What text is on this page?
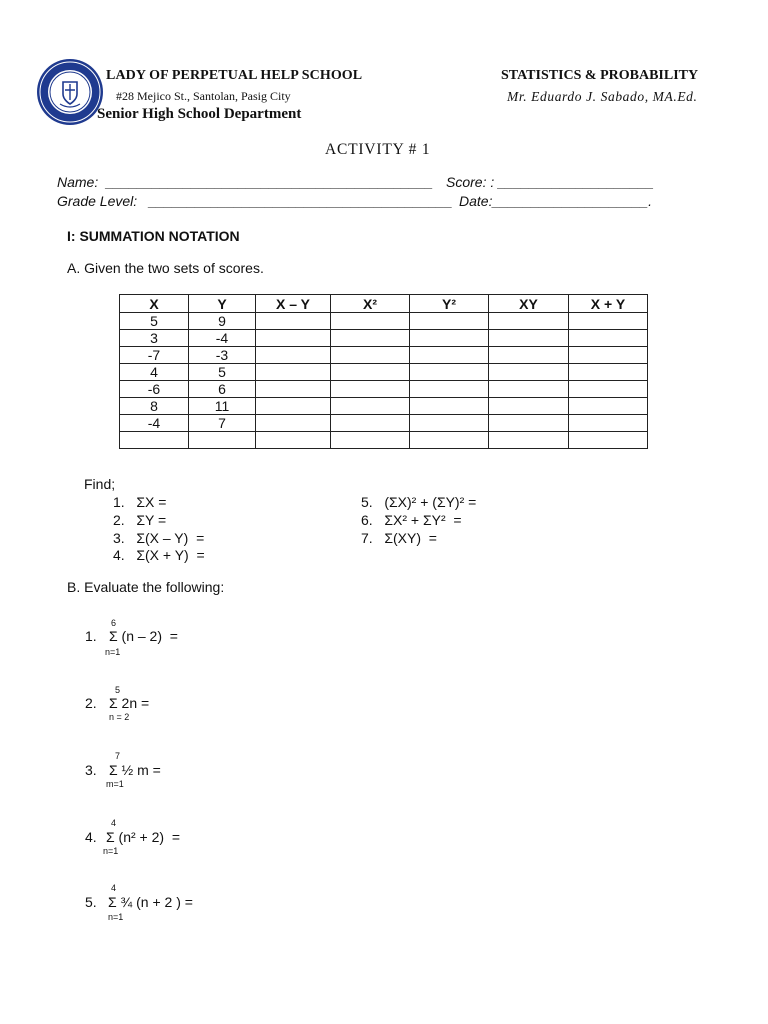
LADY OF PERPETUAL HELP SCHOOL
#28 Mejico St., Santolan, Pasig City
Senior High School Department
STATISTICS & PROBABILITY
Mr. Eduardo J. Sabado, MA.Ed.
ACTIVITY # 1
Name:  __________________________________________ Score: : ____________________
Grade Level:   _______________________________________ Date:____________________.
I: SUMMATION NOTATION
A. Given the two sets of scores.
X	Y	X – Y	X²	Y²	XY	X + Y
5	9					
3	-4					
-7	-3					
4	5					
-6	6					
8	11					
-4	7					

Find;
1.   ΣX =
2.   ΣY =
3.   Σ(X – Y)  =
4.   Σ(X + Y)  =
5.   (ΣX)² + (ΣY)² =
6.   ΣX² + ΣY²  =
7.   Σ(XY)  =
B. Evaluate the following:
6
1. Σ (n – 2)  =
n=1
5
2. Σ 2n =
n = 2
7
3. Σ ½ m =
m=1
4
4. Σ (n² + 2)  =
n=1
4
5. Σ ¾ (n + 2 ) =
n=1
